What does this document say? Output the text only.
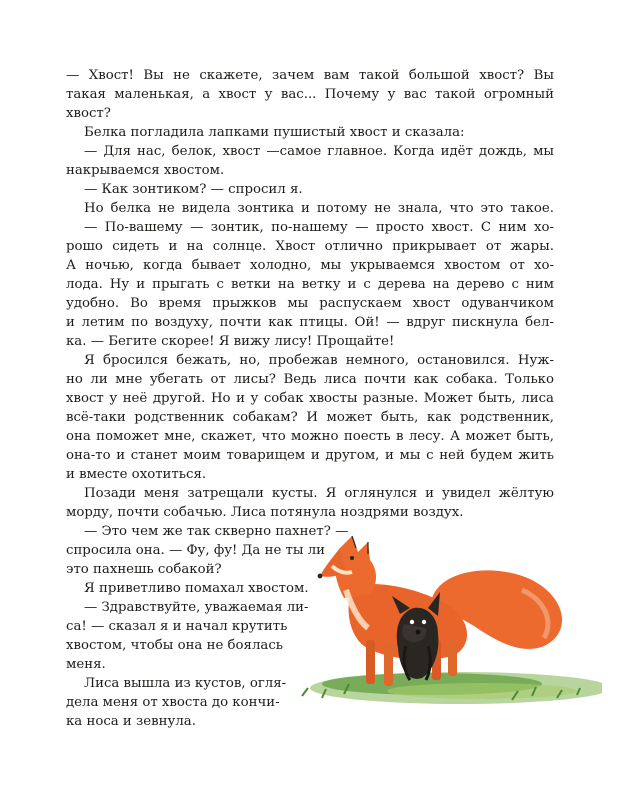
— Хвост! Вы не скажете, зачем вам такой большой хвост? Вы
такая маленькая, а хвост у вас... Почему у вас такой огромный
хвост?
Белка погладила лапками пушистый хвост и сказала:
— Для нас, белок, хвост —самое главное. Когда идёт дождь, мы
накрываемся хвостом.
— Как зонтиком? — спросил я.
Но белка не видела зонтика и потому не знала, что это такое.
— По-вашему — зонтик, по-нашему — просто хвост. С ним хо-
рошо сидеть и на солнце. Хвост отлично прикрывает от жары.
А ночью, когда бывает холодно, мы укрываемся хвостом от хо-
лода. Ну и прыгать с ветки на ветку и с дерева на дерево с ним
удобно. Во время прыжков мы распускаем хвост одуванчиком
и летим по воздуху, почти как птицы. Ой! — вдруг пискнула бел-
ка. — Бегите скорее! Я вижу лису! Прощайте!
Я бросился бежать, но, пробежав немного, остановился. Нуж-
но ли мне убегать от лисы? Ведь лиса почти как собака. Только
хвост у неё другой. Но и у собак хвосты разные. Может быть, лиса
всё-таки родственник собакам? И может быть, как родственник,
она поможет мне, скажет, что можно поесть в лесу. А может быть,
она-то и станет моим товарищем и другом, и мы с ней будем жить
и вместе охотиться.
Позади меня затрещали кусты. Я оглянулся и увидел жёлтую
морду, почти собачью. Лиса потянула ноздрями воздух.
— Это чем же так скверно пахнет? —
спросила она. — Фу, фу! Да не ты ли
это пахнешь собакой?
Я приветливо помахал хвостом.
— Здравствуйте, уважаемая ли-
са! — сказал я и начал крутить
хвостом, чтобы она не боялась
меня.
Лиса вышла из кустов, огля-
дела меня от хвоста до кончи-
ка носа и зевнула.
